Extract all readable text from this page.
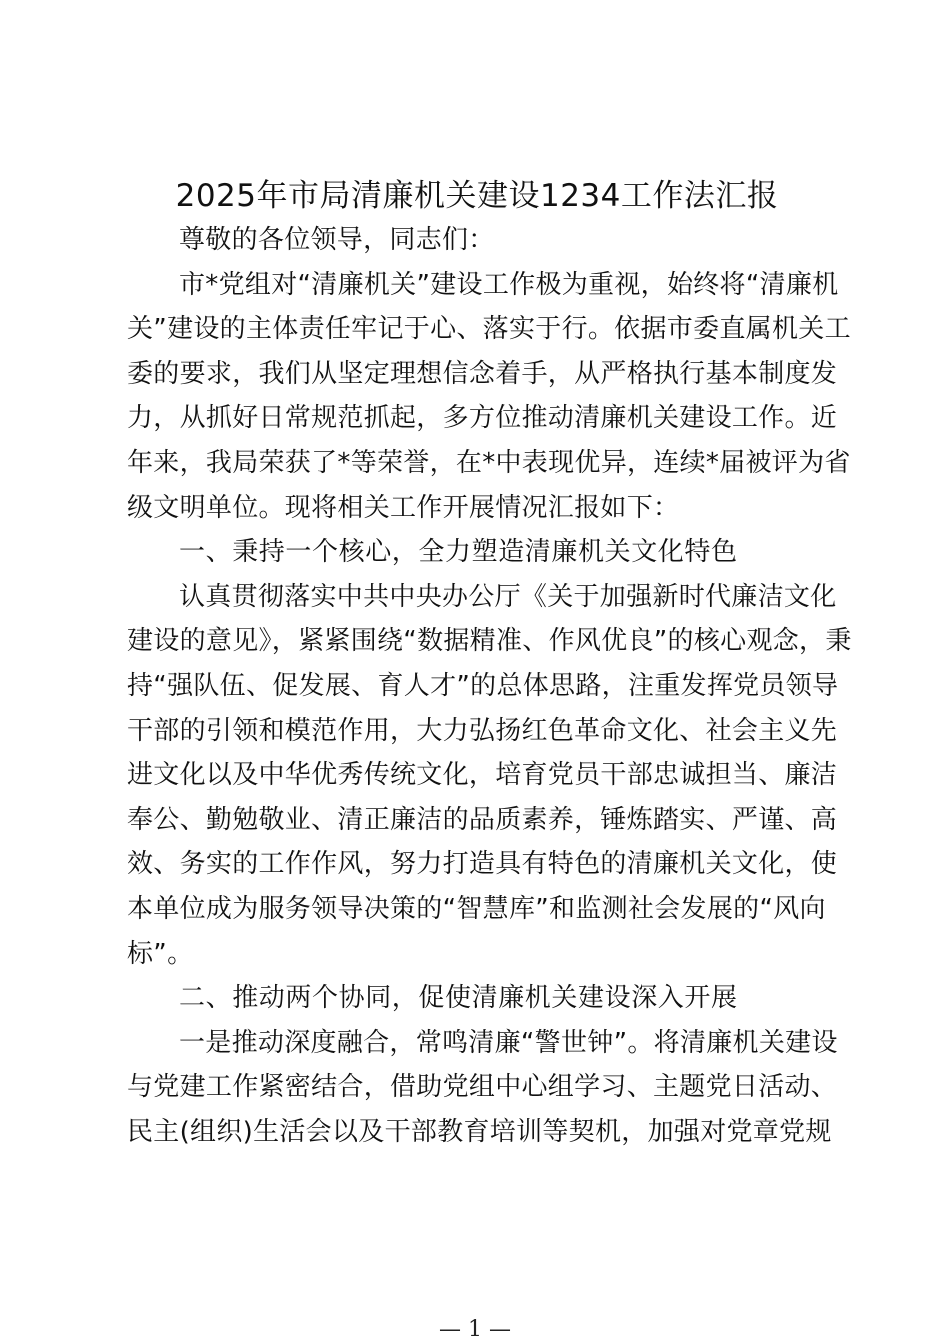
2025年市局清廉机关建设1234工作法汇报
尊敬的各位领导，同志们：
市*党组对“清廉机关”建设工作极为重视，始终将“清廉机
关”建设的主体责任牢记于心、落实于行。依据市委直属机关工
委的要求，我们从坚定理想信念着手，从严格执行基本制度发
力，从抓好日常规范抓起，多方位推动清廉机关建设工作。近
年来，我局荣获了*等荣誉，在*中表现优异，连续*届被评为省
级文明单位。现将相关工作开展情况汇报如下：
一、秉持一个核心，全力塑造清廉机关文化特色
认真贯彻落实中共中央办公厅《关于加强新时代廉洁文化
建设的意见》，紧紧围绕“数据精准、作风优良”的核心观念，秉
持“强队伍、促发展、育人才”的总体思路，注重发挥党员领导
干部的引领和模范作用，大力弘扬红色革命文化、社会主义先
进文化以及中华优秀传统文化，培育党员干部忠诚担当、廉洁
奉公、勤勉敬业、清正廉洁的品质素养，锤炼踏实、严谨、高
效、务实的工作作风，努力打造具有特色的清廉机关文化，使
本单位成为服务领导决策的“智慧库”和监测社会发展的“风向
标”。
二、推动两个协同，促使清廉机关建设深入开展
一是推动深度融合，常鸣清廉“警世钟”。将清廉机关建设
与党建工作紧密结合，借助党组中心组学习、主题党日活动、
民主(组织)生活会以及干部教育培训等契机，加强对党章党规
— 1 —
